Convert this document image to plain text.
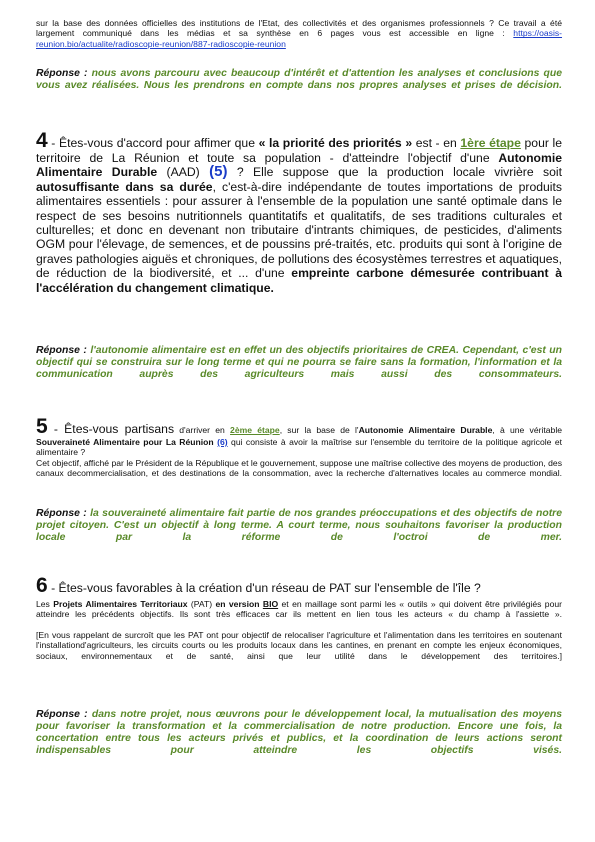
sur la base des données officielles des institutions de l'Etat, des collectivités et des organismes professionnels ? Ce travail a été largement communiqué dans les médias et sa synthèse en 6 pages vous est accessible en ligne : https://oasis-reunion.bio/actualite/radioscopie-reunion/887-radioscopie-reunion
Réponse : nous avons parcouru avec beaucoup d'intérêt et d'attention les analyses et conclusions que vous avez réalisées. Nous les prendrons en compte dans nos propres analyses et prises de décision.
4 - Êtes-vous d'accord pour affimer que « la priorité des priorités » est - en 1ère étape pour le territoire de La Réunion et toute sa population - d'atteindre l'objectif d'une Autonomie Alimentaire Durable (AAD) (5) ? Elle suppose que la production locale vivrière soit autosuffisante dans sa durée, c'est-à-dire indépendante de toutes importations de produits alimentaires essentiels : pour assurer à l'ensemble de la population une santé optimale dans le respect de ses besoins nutritionnels quantitatifs et qualitatifs, de ses traditions culturales et culturelles; et donc en devenant non tributaire d'intrants chimiques, de pesticides, d'aliments OGM pour l'élevage, de semences, et de poussins pré-traités, etc. produits qui sont à l'origine de graves pathologies aiguës et chroniques, de pollutions des écosystèmes terrestres et aquatiques, de réduction de la biodiversité, et ... d'une empreinte carbone démesurée contribuant à l'accélération du changement climatique.
Réponse : l'autonomie alimentaire est en effet un des objectifs prioritaires de CREA. Cependant, c'est un objectif qui se construira sur le long terme et qui ne pourra se faire sans la formation, l'information et la communication auprès des agriculteurs mais aussi des consommateurs.
5 - Êtes-vous partisans d'arriver en 2ème étape, sur la base de l'Autonomie Alimentaire Durable, à une véritable Souveraineté Alimentaire pour La Réunion (6) qui consiste à avoir la maîtrise sur l'ensemble du territoire de la politique agricole et alimentaire ?
Cet objectif, affiché par le Président de la République et le gouvernement, suppose une maîtrise collective des moyens de production, des canaux decommercialisation, et des destinations de la consommation, avec la recherche d'alternatives locales au commerce mondial.
Réponse : la souveraineté alimentaire fait partie de nos grandes préoccupations et des objectifs de notre projet citoyen. C'est un objectif à long terme. A court terme, nous souhaitons favoriser la production locale par la réforme de l'octroi de mer.
6 - Êtes-vous favorables à la création d'un réseau de PAT sur l'ensemble de l'île ?
Les Projets Alimentaires Territoriaux (PAT) en version BIO et en maillage sont parmi les « outils » qui doivent être privilégiés pour atteindre les précédents objectifs. Ils sont très efficaces car ils mettent en lien tous les acteurs « du champ à l'assiette ».
[En vous rappelant de surcroît que les PAT ont pour objectif de relocaliser l'agriculture et l'alimentation dans les territoires en soutenant l'installationd'agriculteurs, les circuits courts ou les produits locaux dans les cantines, en prenant en compte les enjeux économiques, sociaux, environnementaux et de santé, ainsi que leur utilité dans le développement des territoires.]
Réponse : dans notre projet, nous œuvrons pour le développement local, la mutualisation des moyens pour favoriser la transformation et la commercialisation de notre production. Encore une fois, la concertation entre tous les acteurs privés et publics, et la coordination de leurs actions seront indispensables pour atteindre les objectifs visés.
